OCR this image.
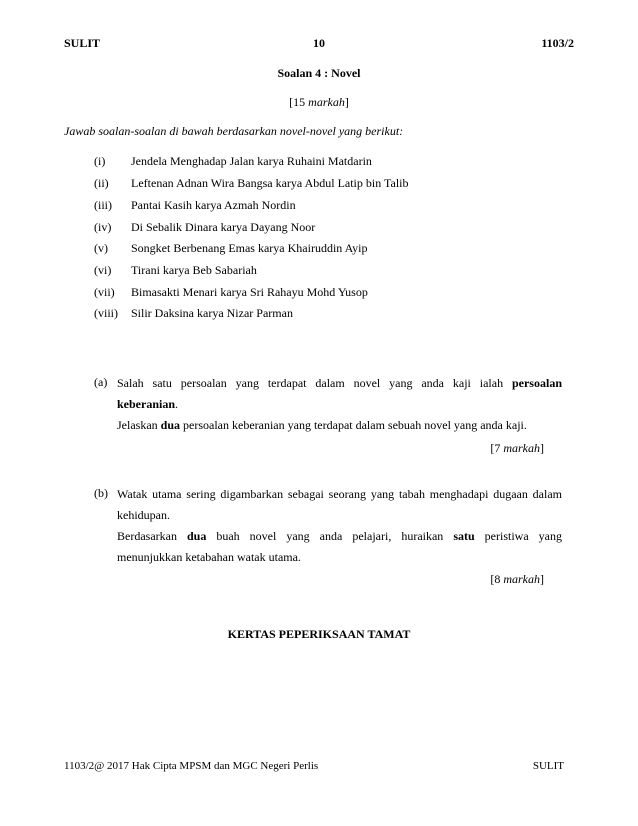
SULIT	10	1103/2
Soalan 4 : Novel
[15 markah]
Jawab soalan-soalan di bawah berdasarkan novel-novel yang berikut:
(i) Jendela Menghadap Jalan karya Ruhaini Matdarin
(ii) Leftenan Adnan Wira Bangsa karya Abdul Latip bin Talib
(iii) Pantai Kasih karya Azmah Nordin
(iv) Di Sebalik Dinara karya Dayang Noor
(v) Songket Berbenang Emas karya Khairuddin Ayip
(vi) Tirani karya Beb Sabariah
(vii) Bimasakti Menari karya Sri Rahayu Mohd Yusop
(viii) Silir Daksina karya Nizar Parman
(a) Salah satu persoalan yang terdapat dalam novel yang anda kaji ialah persoalan
keberanian.
Jelaskan dua persoalan keberanian yang terdapat dalam sebuah novel yang anda kaji.
[7 markah]
(b) Watak utama sering digambarkan sebagai seorang yang tabah menghadapi dugaan dalam
kehidupan.
Berdasarkan dua buah novel yang anda pelajari, huraikan satu peristiwa yang
menunjukkan ketabahan watak utama.
[8 markah]
KERTAS PEPERIKSAAN TAMAT
1103/2@ 2017 Hak Cipta MPSM dan MGC Negeri Perlis	SULIT
